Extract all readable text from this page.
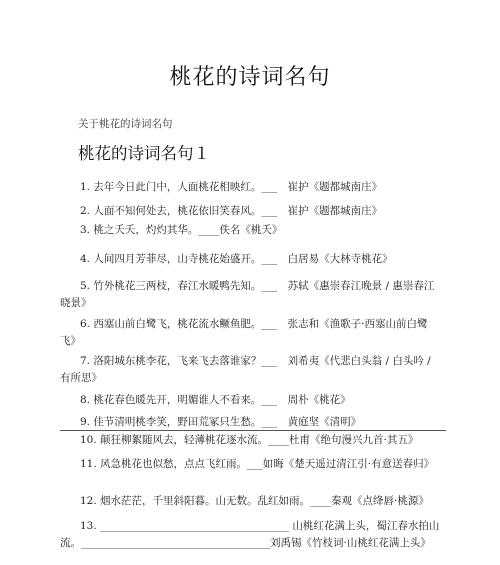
桃花的诗词名句
关于桃花的诗词名句
桃花的诗词名句１

1. 去年今日此门中，人面桃花相映红。___　崔护《题都城南庄》

2. 人面不知何处去，桃花依旧笑春风。___　崔护《题都城南庄》

3. 桃之夭夭，灼灼其华。____佚名《桃夭》

4. 人间四月芳菲尽，山寺桃花始盛开。___　白居易《大林寺桃花》

5. 竹外桃花三两枝，春江水暖鸭先知。___　苏轼《惠崇春江晚景 / 惠崇春江晓景》

6. 西塞山前白鹭飞，桃花流水鳜鱼肥。___　张志和《渔歌子·西塞山前白鹭飞》

7. 洛阳城东桃李花，飞来飞去落谁家？___　刘希夷《代悲白头翁 / 白头吟 / 有所思》

8. 桃花春色暖先开，明媚谁人不看来。___　周朴《桃花》

9. 佳节清明桃李笑，野田荒冢只生愁。___　黄庭坚《清明》

10. 颠狂柳絮随风去，轻薄桃花逐水流。____杜甫《绝句漫兴九首·其五》

11. 风急桃花也似愁，点点飞红雨。___如晦《楚天遥过清江引·有意送春归》

12. 烟水茫茫，千里斜阳暮。山无数。乱红如雨。____秦观《点绛唇·桃源》

13. ____________________________________ 山桃红花满上头，蜀江春水拍山流。____________________________________刘禹锡《竹枝词·山桃红花满上头》
